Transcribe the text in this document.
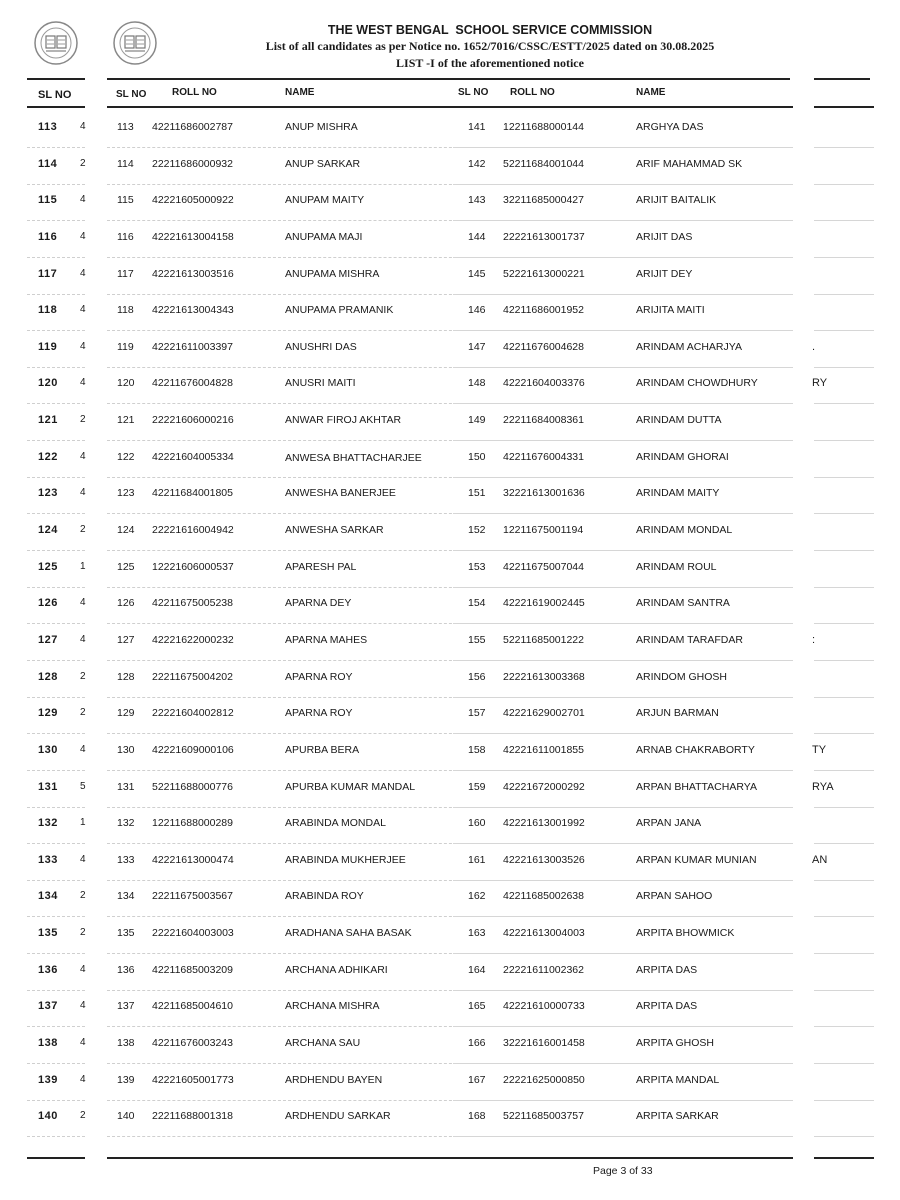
THE WEST BENGAL  SCHOOL SERVICE COMMISSION
List of all candidates as per Notice no. 1652/7016/CSSC/ESTT/2025 dated on 30.08.2025
LIST -I of the aforementioned notice
SL NO	SL NO	ROLL NO	NAME	SL NO ROLL NO	NAME
113 4	113 42211686002787	ANUP MISHRA	141 12211688000144	ARGHYA DAS
114 2	114 22211686000932	ANUP SARKAR	142 52211684001044	ARIF MAHAMMAD SK
115 4	115 42221605000922	ANUPAM MAITY	143 32211685000427	ARIJIT BAITALIK
116 4	116 42221613004158	ANUPAMA MAJI	144 22221613001737	ARIJIT DAS
117 4	117 42221613003516	ANUPAMA MISHRA	145 52221613000221	ARIJIT DEY
118 4	118 42221613004343	ANUPAMA PRAMANIK	146 42211686001952	ARIJITA MAITI
119 4	119 42221611003397	ANUSHRI DAS	147 42211676004628	ARINDAM ACHARJYA	.
120 4	120 42211676004828	ANUSRI MAITI	148 42221604003376	ARINDAM CHOWDHURY	RY
121 2	121 22221606000216	ANWAR FIROJ AKHTAR	149 22211684008361	ARINDAM DUTTA
122 4	122 42221604005334	ANWESA BHATTACHARJEE	150 42211676004331	ARINDAM GHORAI
123 4	123 42211684001805	ANWESHA BANERJEE	151 32221613001636	ARINDAM MAITY
124 2	124 22221616004942	ANWESHA SARKAR	152 12211675001194	ARINDAM MONDAL
125 1	125 12221606000537	APARESH PAL	153 42211675007044	ARINDAM ROUL
126 4	126 42211675005238	APARNA DEY	154 42221619002445	ARINDAM SANTRA
127 4	127 42221622000232	APARNA MAHES	155 52211685001222	ARINDAM TARAFDAR	:
128 2	128 22211675004202	APARNA ROY	156 22221613003368	ARINDOM GHOSH
129 2	129 22221604002812	APARNA ROY	157 42221629002701	ARJUN BARMAN
130 4	130 42221609000106	APURBA BERA	158 42221611001855	ARNAB CHAKRABORTY	TY
131 5	131 52211688000776	APURBA KUMAR MANDAL	159 42221672000292	ARPAN BHATTACHARYA	RYA
132 1	132 12211688000289	ARABINDA MONDAL	160 42221613001992	ARPAN JANA
133 4	133 42221613000474	ARABINDA MUKHERJEE	161 42221613003526	ARPAN KUMAR MUNIAN	AN
134 2	134 22211675003567	ARABINDA ROY	162 42211685002638	ARPAN SAHOO
135 2	135 22221604003003	ARADHANA SAHA BASAK	163 42221613004003	ARPITA BHOWMICK
136 4	136 42211685003209	ARCHANA ADHIKARI	164 22221611002362	ARPITA DAS
137 4	137 42211685004610	ARCHANA MISHRA	165 42221610000733	ARPITA DAS
138 4	138 42211676003243	ARCHANA SAU	166 32221616001458	ARPITA GHOSH
139 4	139 42221605001773	ARDHENDU BAYEN	167 22221625000850	ARPITA MANDAL
140 2	140 22211688001318	ARDHENDU SARKAR	168 52211685003757	ARPITA SARKAR
Page 3 of 33
